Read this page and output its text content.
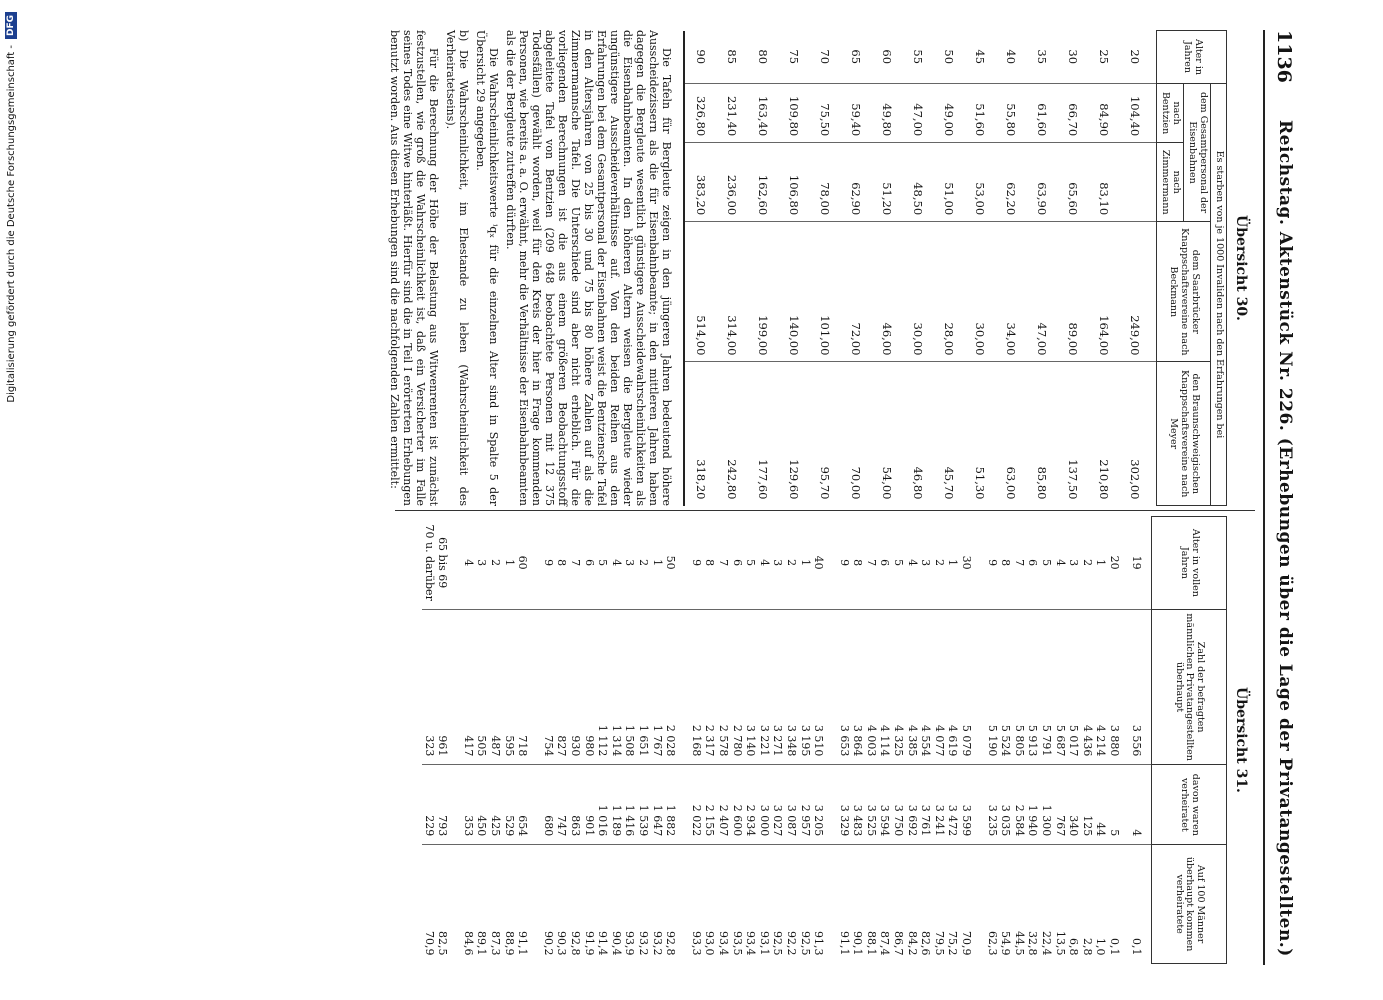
1136
Reichstag. Aktenstück Nr. 226. (Erhebungen über die Lage der Privatangestellten.)
Übersicht 30.
Alter in Jahren	Es starben von je 1000 Invaliden nach den Erfahrungen bei			
	dem Gesamtpersonal der Eisenbahnen		dem Saarbrücker Knappschaftsvereine nach Beckmann	den Braunschweigischen Knappschaftsvereine nach Meyer
	nach Bentzien	nach Zimmermann		
20	104,40		249,00	302,00
25	84,90	83,10	164,00	210,80
30	66,70	65,60	89,00	137,50
35	61,60	63,90	47,00	85,80
40	55,80	62,20	34,00	63,00
45	51,60	53,00	30,00	51,30
50	49,00	51,00	28,00	45,70
55	47,00	48,50	30,00	46,80
60	49,80	51,20	46,00	54,00
65	59,40	62,90	72,00	70,00
70	75,50	78,00	101,00	95,70
75	109,80	106,80	140,00	129,60
80	163,40	162,60	199,00	177,60
85	231,40	236,00	314,00	242,80
90	326,80	383,20	514,00	318,20

Die Tafeln für Bergleute zeigen in den jüngeren Jahren bedeutend höhere Ausscheidezissern als die für Eisenbahnbeamte; in den mittleren Jahren haben dagegen die Bergleute wesentlich günstigere Ausscheidewahrscheinlichkeiten als die Eisenbahnbeamten. In den höheren Altern weisen die Bergleute wieder ungünstigere Ausscheideverhältnisse auf. Von den beiden Reihen aus den Erfahrungen bei dem Gesamtpersonal der Eisenbahnen weist die Bentziensche Tafel in den Altersjahren von 25 bis 30 und 75 bis 80 höhere Zahlen auf als die Zimmermannsche Tafel. Die Unterschiede sind aber nicht erheblich. Für die vorliegenden Berechnungen ist die aus einem größeren Beobachtungsstoff abgeleitete Tafel von Bentzien (209 648 beobachtete Personen mit 12 375 Todesfällen) gewählt worden, weil für den Kreis der hier in Frage kommenden Personen, wie bereits a. a. O. erwähnt, mehr die Verhältnisse der Eisenbahnbeamten als die der Bergleute zutreffen dürften.

Die Wahrscheinlichkeitswerte ⁱqₓ für die einzelnen Alter sind in Spalte 5 der Übersicht 29 angegeben.

b)Die Wahrscheinlichkeit, im Ehestande zu leben (Wahrscheinlichkeit des Verheiratetseins).

Für die Berechnung der Höhe der Belastung aus Witwenrenten ist zunächst festzustellen, wie groß die Wahrscheinlichkeit ist, daß ein Versicherter im Falle seines Todes eine Witwe hinterläßt. Hierfür sind die in Teil I erörterten Erhebungen benutzt worden. Aus diesen Erhebungen sind die nachfolgenden Zahlen ermittelt:

Übersicht 31.
Alter in vollen Jahren	Zahl der befragten männlichen Privatangestellten überhaupt	davon waren verheiratet	Auf 100 Männer überhaupt kommen verheiratete
19	3 556	4	0,1
20	3 880	5	0,1
1	4 214	44	1,0
2	4 436	125	2,8
3	5 017	340	6,8
4	5 687	767	13,5
5	5 791	1 300	22,4
6	5 913	1 940	32,8
7	5 805	2 584	44,5
8	5 524	3 035	54,9
9	5 190	3 235	62,3

30	5 079	3 599	70,9
1	4 619	3 472	75,2
2	4 077	3 241	79,5
3	4 554	3 761	82,6
4	4 385	3 692	84,2
5	4 325	3 750	86,7
6	4 114	3 594	87,4
7	4 003	3 525	88,1
8	3 864	3 483	90,1
9	3 653	3 329	91,1

40	3 510	3 205	91,3
1	3 195	2 957	92,5
2	3 348	3 087	92,2
3	3 271	3 027	92,5
4	3 221	3 000	93,1
5	3 140	2 934	93,4
6	2 780	2 600	93,5
7	2 578	2 407	93,4
8	2 317	2 155	93,0
9	2 168	2 022	93,3

50	2 028	1 882	92,8
1	1 767	1 647	93,2
2	1 651	1 539	93,2
3	1 508	1 416	93,9
4	1 314	1 189	90,4
5	1 112	1 016	91,4
6	980	901	91,9
7	930	863	92,8
8	827	747	90,3
9	754	680	90,2

60	718	654	91,1
1	595	529	88,9
2	487	425	87,3
3	505	450	89,1
4	417	353	84,6

65 bis 69	961	793	82,5
70 u. darüber	323	229	70,9
Digitalisierung gefördert durch die Deutsche Forschungsgemeinschaft -
DFG
